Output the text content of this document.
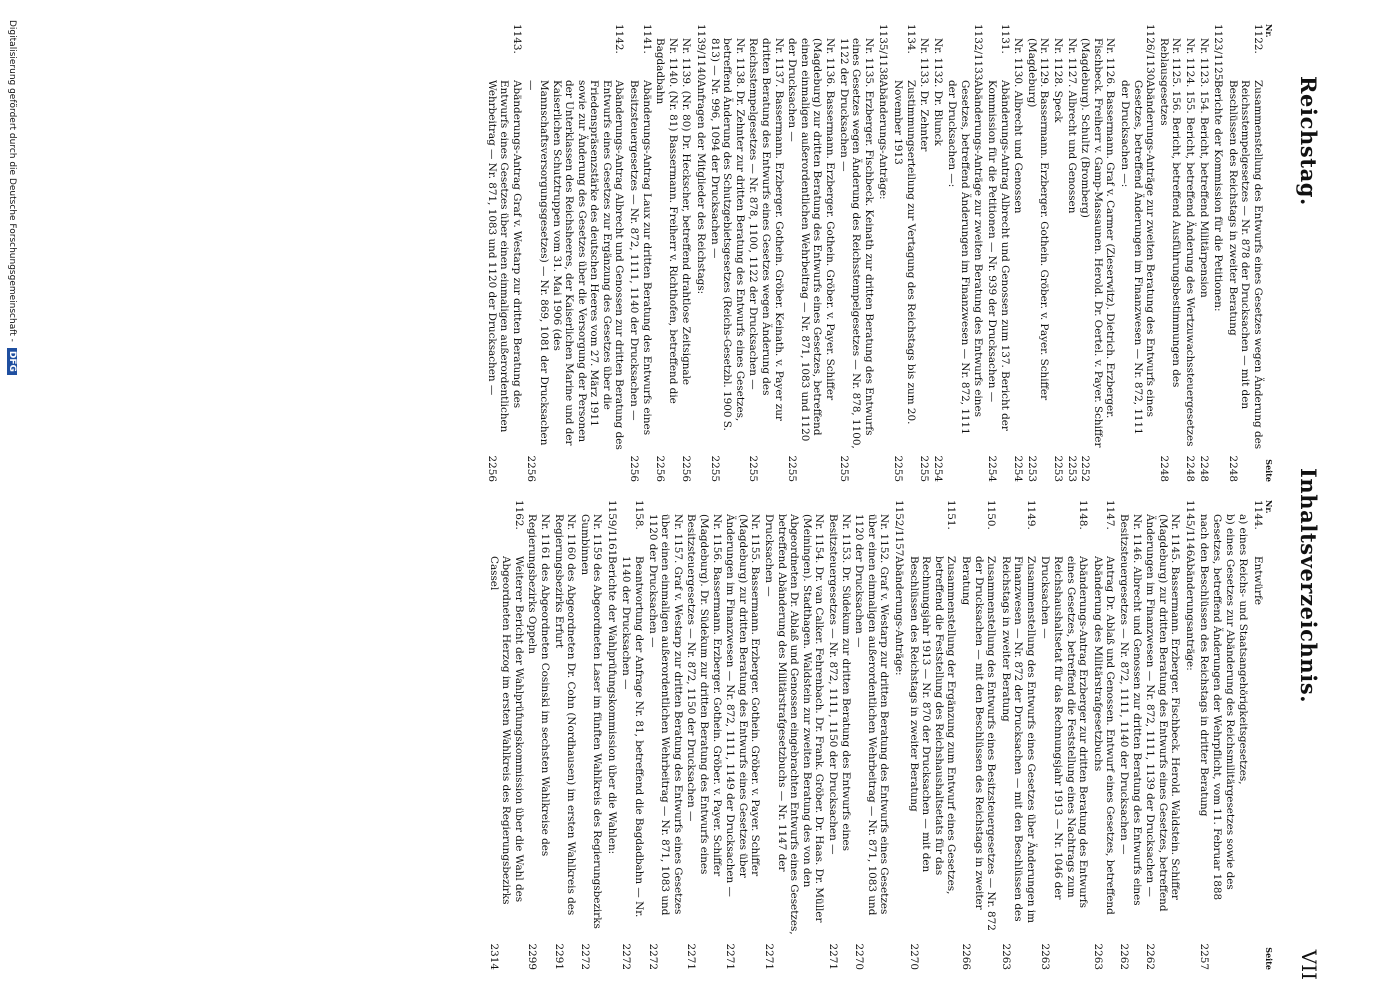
Reichstag.
Inhaltsverzeichnis.
VII
Nr.
Seite
1122.
Zusammenstellung des Entwurfs eines Gesetzes wegen Änderung des Reichsstempelgesetzes — Nr. 878 der Drucksachen — mit den Beschlüssen des Reichstags in zweiter Beratung
2248
1123/1125.
Berichte der Kommission für die Petitionen:
Nr. 1123. 154. Bericht, betreffend Militärpension
2248
Nr. 1124. 155. Bericht, betreffend Änderung des Wertzuwachssteuergesetzes
2248
Nr. 1125. 156. Bericht, betreffend Ausführungsbestimmungen des Reblausgesetzes
2248
1126/1130.
Abänderungs-Anträge zur zweiten Beratung des Entwurfs eines Gesetzes, betreffend Änderungen im Finanzwesen — Nr. 872, 1111 der Drucksachen —:
Nr. 1126. Bassermann. Graf v. Carmer (Zieserwitz). Dietrich. Erzberger. Fischbeck. Freiherr v. Gamp-Massaunen. Herold. Dr. Oertel. v. Payer. Schiffer (Magdeburg). Schultz (Bromberg)
2252
Nr. 1127. Albrecht und Genossen
2253
Nr. 1128. Speck
2253
Nr. 1129. Bassermann. Erzberger. Gothein. Gröber. v. Payer. Schiffer (Magdeburg)
2253
Nr. 1130. Albrecht und Genossen
2254
1131.
Abänderungs-Antrag Albrecht und Genossen zum 137. Bericht der Kommission für die Petitionen — Nr. 939 der Drucksachen —
2254
1132/1133.
Abänderungs-Anträge zur zweiten Beratung des Entwurfs eines Gesetzes, betreffend Änderungen im Finanzwesen — Nr. 872, 1111 der Drucksachen —:
Nr. 1132. Dr. Blunck
2254
Nr. 1133. Dr. Zehnter
2255
1134.
Zustimmungserteilung zur Vertagung des Reichstags bis zum 20. November 1913
2255
1135/1138.
Abänderungs-Anträge:
Nr. 1135. Erzberger. Fischbeck. Keinath zur dritten Beratung des Entwurfs eines Gesetzes wegen Änderung des Reichsstempelgesetzes — Nr. 878, 1100, 1122 der Drucksachen —
2255
Nr. 1136. Bassermann. Erzberger. Gothein. Gröber. v. Payer. Schiffer (Magdeburg) zur dritten Beratung des Entwurfs eines Gesetzes, betreffend einen einmaligen außerordentlichen Wehrbeitrag — Nr. 871, 1083 und 1120 der Drucksachen —
2255
Nr. 1137. Bassermann. Erzberger. Gothein. Gröber. Keinath. v. Payer zur dritten Beratung des Entwurfs eines Gesetzes wegen Änderung des Reichsstempelgesetzes — Nr. 878, 1100, 1122 der Drucksachen —
2255
Nr. 1138. Dr. Zehnter zur dritten Beratung des Entwurfs eines Gesetzes, betreffend Änderung des Schutzgebietsgesetzes (Reichs-Gesetzbl. 1900 S. 813) — Nr. 996, 1094 der Drucksachen —
2255
1139/1140.
Anfragen der Mitglieder des Reichstags:
Nr. 1139. (Nr. 80) Dr. Heckscher, betreffend drahtlose Zeitsignale
2256
Nr. 1140. (Nr. 81) Bassermann. Freiherr v. Richthofen, betreffend die Bagdadbahn
2256
1141.
Abänderungs-Antrag Laux zur dritten Beratung des Entwurfs eines Besitzsteuergesetzes — Nr. 872, 1111, 1140 der Drucksachen —
2256
1142.
Abänderungs-Antrag Albrecht und Genossen zur dritten Beratung des Entwurfs eines Gesetzes zur Ergänzung des Gesetzes über die Friedenspräsenzstärke des deutschen Heeres vom 27. März 1911 sowie zur Änderung des Gesetzes über die Versorgung der Personen der Unterklassen des Reichsheeres, der Kaiserlichen Marine und der Kaiserlichen Schutztruppen vom 31. Mai 1906 (des Mannschaftsversorgungsgesetzes) — Nr. 869, 1081 der Drucksachen —
2256
1143.
Abänderungs-Antrag Graf v. Westarp zur dritten Beratung des Entwurfs eines Gesetzes über einen einmaligen außerordentlichen Wehrbeitrag — Nr. 871, 1083 und 1120 der Drucksachen —
2256
Nr.
Seite
1144.
Entwürfe
a) eines Reichs- und Staatsangehörigkeitsgesetzes,
b) eines Gesetzes zur Abänderung des Reichsmilitärgesetzes sowie des Gesetzes, betreffend Änderungen der Wehrpflicht, vom 11. Februar 1888
nach den Beschlüssen des Reichstags in dritter Beratung
2257
1145/1146.
Abänderungsanträge:
Nr. 1145. Bassermann. Erzberger. Fischbeck. Herold. Waldstein. Schiffer (Magdeburg) zur dritten Beratung des Entwurfs eines Gesetzes, betreffend Änderungen im Finanzwesen — Nr. 872, 1111, 1139 der Drucksachen —
2262
Nr. 1146. Albrecht und Genossen zur dritten Beratung des Entwurfs eines Besitzsteuergesetzes — Nr. 872, 1111, 1140 der Drucksachen —
2262
1147.
Antrag Dr. Ablaß und Genossen. Entwurf eines Gesetzes, betreffend Abänderung des Militärstrafgesetzbuchs
2263
1148.
Abänderungs-Antrag Erzberger zur dritten Beratung des Entwurfs eines Gesetzes, betreffend die Feststellung eines Nachtrags zum Reichshaushaltsetat für das Rechnungsjahr 1913 — Nr. 1046 der Drucksachen —
2263
1149.
Zusammenstellung des Entwurfs eines Gesetzes über Änderungen im Finanzwesen — Nr. 872 der Drucksachen — mit den Beschlüssen des Reichstags in zweiter Beratung
2263
1150.
Zusammenstellung des Entwurfs eines Besitzsteuergesetzes — Nr. 872 der Drucksachen — mit den Beschlüssen des Reichstags in zweiter Beratung
2266
1151.
Zusammenstellung der Ergänzung zum Entwurf eines Gesetzes, betreffend die Feststellung des Reichshaushaltsetats für das Rechnungsjahr 1913 — Nr. 870 der Drucksachen — mit den Beschlüssen des Reichstags in zweiter Beratung
2270
1152/1157.
Abänderungs-Anträge:
Nr. 1152. Graf v. Westarp zur dritten Beratung des Entwurfs eines Gesetzes über einen einmaligen außerordentlichen Wehrbeitrag — Nr. 871, 1083 und 1120 der Drucksachen —
2270
Nr. 1153. Dr. Südekum zur dritten Beratung des Entwurfs eines Besitzsteuergesetzes — Nr. 872, 1111, 1150 der Drucksachen —
2271
Nr. 1154. Dr. van Calker. Fehrenbach. Dr. Frank. Gröber. Dr. Haas. Dr. Müller (Meiningen). Stadthagen. Waldstein zur zweiten Beratung des von den Abgeordneten Dr. Ablaß und Genossen eingebrachten Entwurfs eines Gesetzes, betreffend Abänderung des Militärstrafgesetzbuchs — Nr. 1147 der Drucksachen —
2271
Nr. 1155. Bassermann. Erzberger. Gothein. Gröber. v. Payer. Schiffer (Magdeburg) zur dritten Beratung des Entwurfs eines Gesetzes über Änderungen im Finanzwesen — Nr. 872, 1111, 1149 der Drucksachen —
2271
Nr. 1156. Bassermann. Erzberger. Gothein. Gröber. v. Payer. Schiffer (Magdeburg). Dr. Südekum zur dritten Beratung des Entwurfs eines Besitzsteuergesetzes — Nr. 872, 1150 der Drucksachen —
2271
Nr. 1157. Graf v. Westarp zur dritten Beratung des Entwurfs eines Gesetzes über einen einmaligen außerordentlichen Wehrbeitrag — Nr. 871, 1083 und 1120 der Drucksachen —
2272
1158.
Beantwortung der Anfrage Nr. 81, betreffend die Bagdadbahn — Nr. 1140 der Drucksachen —
2272
1159/1161.
Berichte der Wahlprüfungskommission über die Wahlen:
Nr. 1159 des Abgeordneten Laser im fünften Wahlkreis des Regierungsbezirks Gumbinnen
2272
Nr. 1160 des Abgeordneten Dr. Cohn (Nordhausen) im ersten Wahlkreis des Regierungsbezirks Erfurt
2291
Nr. 1161 des Abgeordneten Cosinski im sechsten Wahlkreise des Regierungsbezirks Oppeln
2299
1162.
Weiterer Bericht der Wahlprüfungskommission über die Wahl des Abgeordneten Herzog im ersten Wahlkreis des Regierungsbezirks Cassel
2314
Digitalisierung gefördert durch die Deutsche Forschungsgemeinschaft -DFG
